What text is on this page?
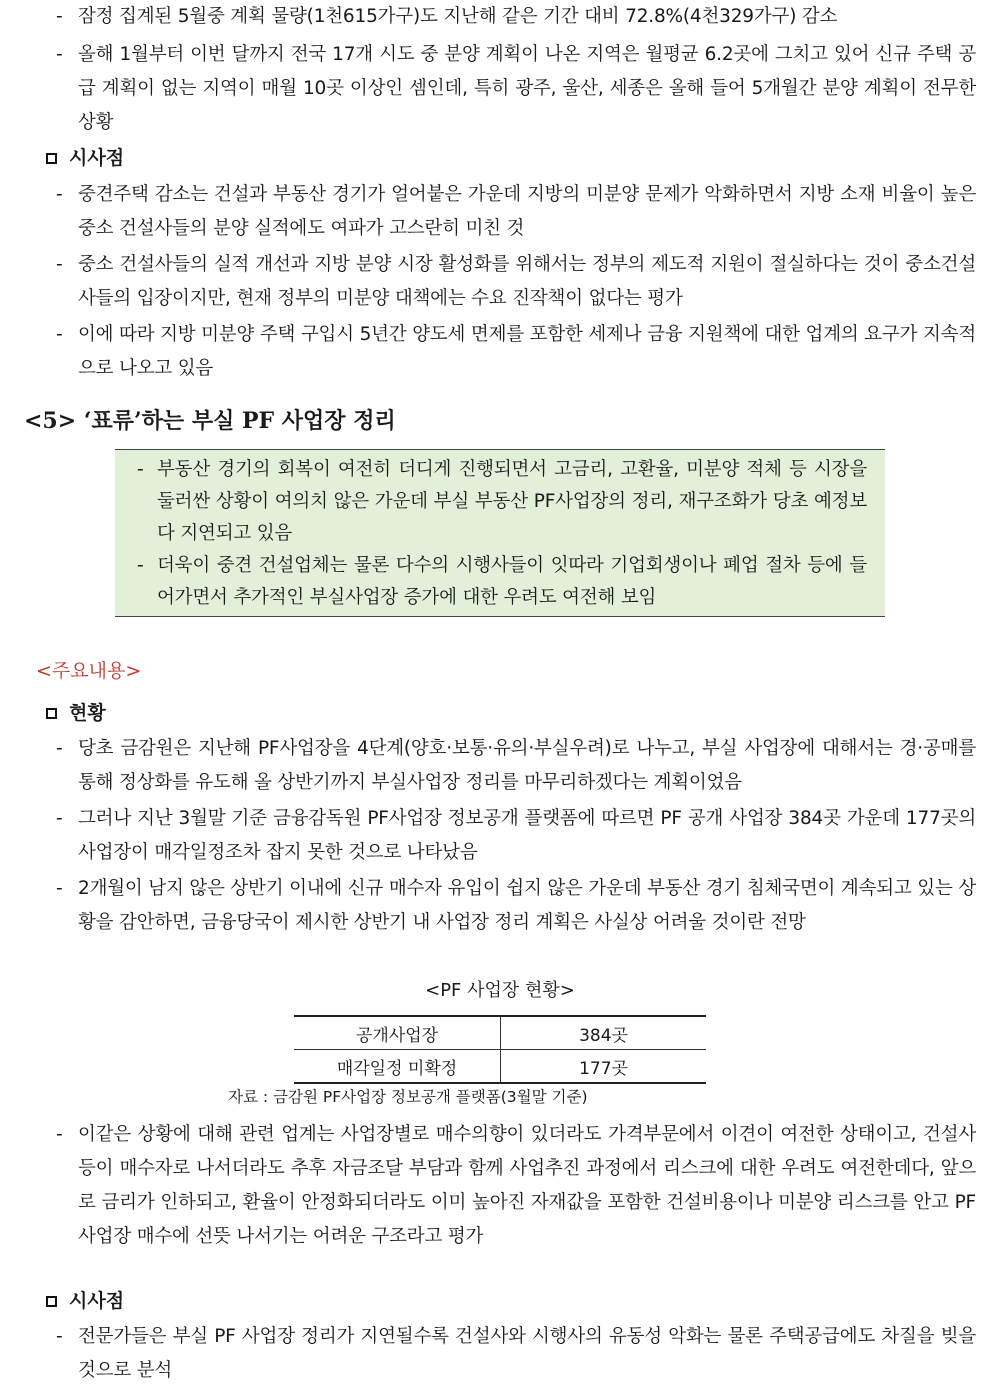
- 잠정 집계된 5월중 계획 물량(1천615가구)도 지난해 같은 기간 대비 72.8%(4천329가구) 감소
- 올해 1월부터 이번 달까지 전국 17개 시도 중 분양 계획이 나온 지역은 월평균 6.2곳에 그치고 있어 신규 주택 공급 계획이 없는 지역이 매월 10곳 이상인 셈인데, 특히 광주, 울산, 세종은 올해 들어 5개월간 분양 계획이 전무한 상황
시사점
- 중견주택 감소는 건설과 부동산 경기가 얼어붙은 가운데 지방의 미분양 문제가 악화하면서 지방 소재 비율이 높은 중소 건설사들의 분양 실적에도 여파가 고스란히 미친 것
- 중소 건설사들의 실적 개선과 지방 분양 시장 활성화를 위해서는 정부의 제도적 지원이 절실하다는 것이 중소건설사들의 입장이지만, 현재 정부의 미분양 대책에는 수요 진작책이 없다는 평가
- 이에 따라 지방 미분양 주택 구입시 5년간 양도세 면제를 포함한 세제나 금융 지원책에 대한 업계의 요구가 지속적으로 나오고 있음
<5> ‘표류’하는 부실 PF 사업장 정리
- 부동산 경기의 회복이 여전히 더디게 진행되면서 고금리, 고환율, 미분양 적체 등 시장을 둘러싼 상황이 여의치 않은 가운데 부실 부동산 PF사업장의 정리, 재구조화가 당초 예정보다 지연되고 있음
- 더욱이 중견 건설업체는 물론 다수의 시행사들이 잇따라 기업회생이나 폐업 절차 등에 들어가면서 추가적인 부실사업장 증가에 대한 우려도 여전해 보임
<주요내용>
현황
- 당초 금감원은 지난해 PF사업장을 4단계(양호·보통·유의·부실우려)로 나누고, 부실 사업장에 대해서는 경·공매를 통해 정상화를 유도해 올 상반기까지 부실사업장 정리를 마무리하겠다는 계획이었음
- 그러나 지난 3월말 기준 금융감독원 PF사업장 정보공개 플랫폼에 따르면 PF 공개 사업장 384곳 가운데 177곳의 사업장이 매각일정조차 잡지 못한 것으로 나타났음
- 2개월이 남지 않은 상반기 이내에 신규 매수자 유입이 쉽지 않은 가운데 부동산 경기 침체국면이 계속되고 있는 상황을 감안하면, 금융당국이 제시한 상반기 내 사업장 정리 계획은 사실상 어려울 것이란 전망
<PF 사업장 현황>
공개사업장	384곳
매각일정 미확정	177곳
자료 : 금감원 PF사업장 정보공개 플랫폼(3월말 기준)
- 이같은 상황에 대해 관련 업계는 사업장별로 매수의향이 있더라도 가격부문에서 이견이 여전한 상태이고, 건설사 등이 매수자로 나서더라도 추후 자금조달 부담과 함께 사업추진 과정에서 리스크에 대한 우려도 여전한데다, 앞으로 금리가 인하되고, 환율이 안정화되더라도 이미 높아진 자재값을 포함한 건설비용이나 미분양 리스크를 안고 PF 사업장 매수에 선뜻 나서기는 어려운 구조라고 평가
시사점
- 전문가들은 부실 PF 사업장 정리가 지연될수록 건설사와 시행사의 유동성 악화는 물론 주택공급에도 차질을 빚을 것으로 분석
